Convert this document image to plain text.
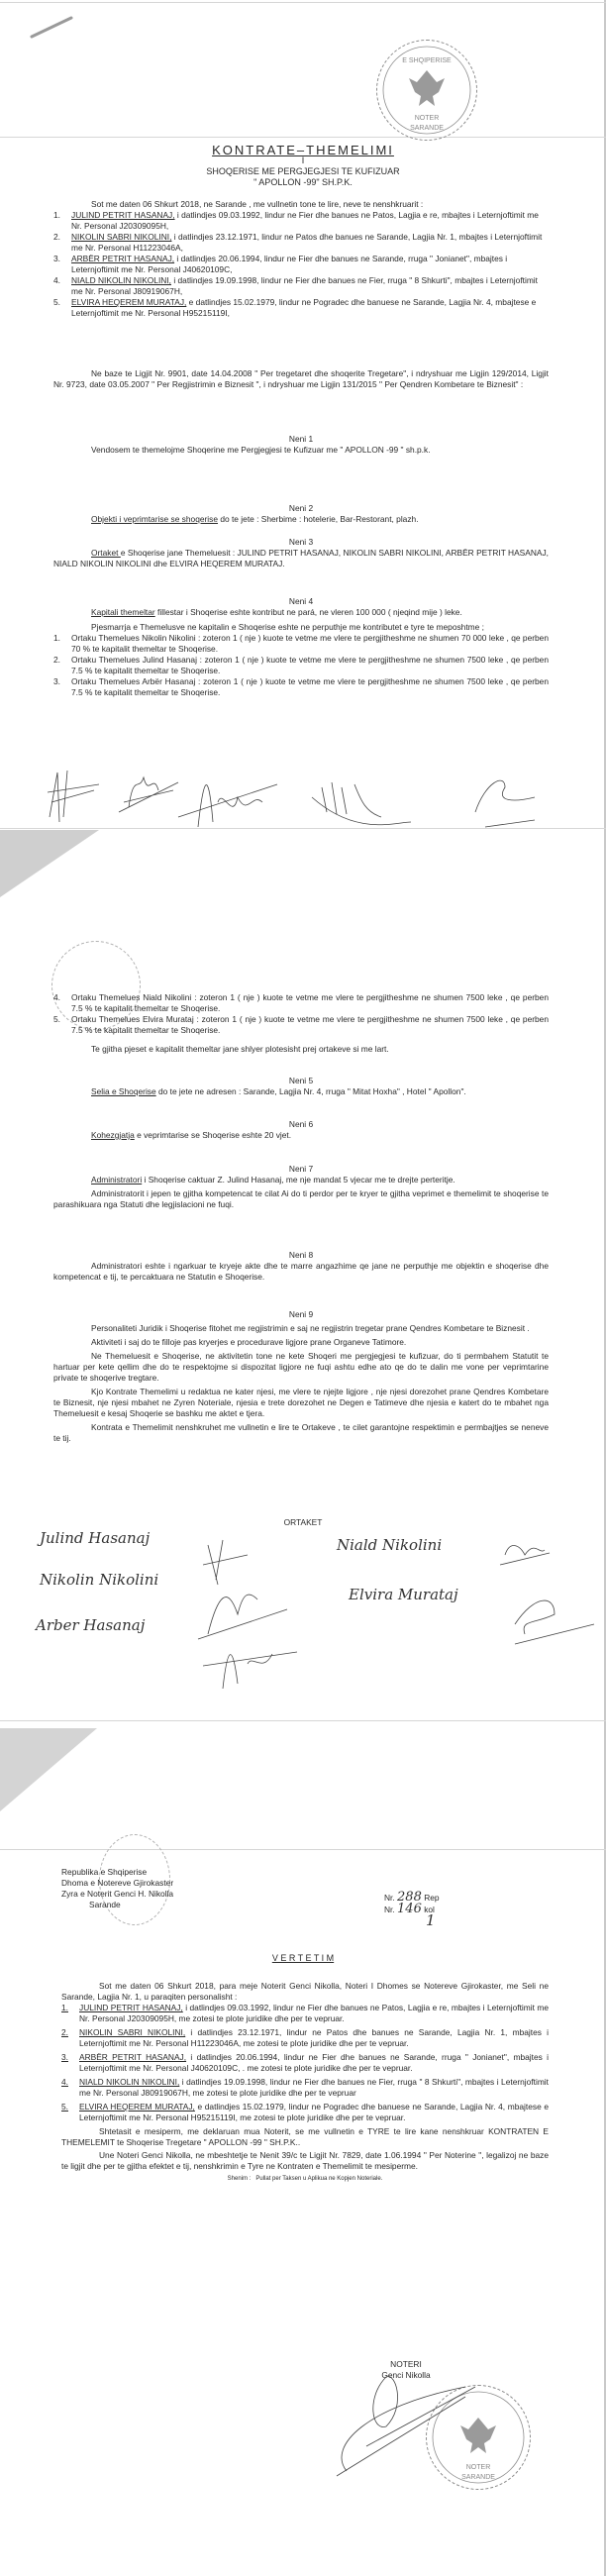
E SHQIPERISE
NOTER
SARANDE
KONTRATE–THEMELIMI
I
SHOQERISE ME PERGJEGJESI TE KUFIZUAR
" APOLLON -99" SH.P.K.
Sot me daten 06 Shkurt 2018, ne Sarande , me vullnetin tone te lire, neve te nenshkruarit :
1. JULIND PETRIT HASANAJ, i datlindjes 09.03.1992, lindur ne Fier dhe banues ne Patos, Lagjia e re, mbajtes i Leternjoftimit me Nr. Personal J20309095H,
2. NIKOLIN SABRI NIKOLINI, i datlindjes 23.12.1971, lindur ne Patos dhe banues ne Sarande, Lagjia Nr. 1, mbajtes i Leternjoftimit me Nr. Personal H11223046A,
3. ARBËR PETRIT HASANAJ, i datlindjes 20.06.1994, lindur ne Fier dhe banues ne Sarande, rruga " Jonianet", mbajtes i Leternjoftimit me Nr. Personal J40620109C,
4. NIALD NIKOLIN NIKOLINI, i datlindjes 19.09.1998, lindur ne Fier dhe banues ne Fier, rruga " 8 Shkurti", mbajtes i Leternjoftimit me Nr. Personal J80919067H,
5. ELVIRA HEQEREM MURATAJ, e datlindjes 15.02.1979, lindur ne Pogradec dhe banuese ne Sarande, Lagjia Nr. 4, mbajtese e Leternjoftimit me Nr. Personal H95215119I,
Ne baze te Ligjit Nr. 9901, date 14.04.2008 " Per tregetaret dhe shoqerite Tregetare", i ndryshuar me Ligjin 129/2014, Ligjit Nr. 9723, date 03.05.2007 " Per Regjistrimin e Biznesit ", i ndryshuar me Ligjin 131/2015 " Per Qendren Kombetare te Biznesit" :
Neni 1
Vendosem te themelojme Shoqerine me Pergjegjesi te Kufizuar me " APOLLON -99 " sh.p.k.
Neni 2
Objekti i veprimtarise se shoqerise do te jete : Sherbime : hotelerie, Bar-Restorant, plazh.
Neni 3
Ortaket e Shoqerise jane Themeluesit : JULIND PETRIT HASANAJ, NIKOLIN SABRI NIKOLINI, ARBËR PETRIT HASANAJ, NIALD NIKOLIN NIKOLINI dhe ELVIRA HEQEREM MURATAJ.
Neni 4
Kapitali themeltar fillestar i Shoqerise eshte kontribut ne pará, ne vleren 100 000 ( njeqind mije ) leke.
Pjesmarrja e Themelusve ne kapitalin e Shoqerise eshte ne perputhje me kontributet e tyre te meposhtme ;
1. Ortaku Themelues Nikolin Nikolini : zoteron 1 ( nje ) kuote te vetme me vlere te pergjitheshme ne shumen 70 000 leke , qe perben 70 % te kapitalit themeltar te Shoqerise.
2. Ortaku Themelues Julind Hasanaj : zoteron 1 ( nje ) kuote te vetme me vlere te pergjitheshme ne shumen 7500 leke , qe perben 7.5 % te kapitalit themeltar te Shoqerise.
3. Ortaku Themelues Arbër Hasanaj : zoteron 1 ( nje ) kuote te vetme me vlere te pergjitheshme ne shumen 7500 leke , qe perben 7.5 % te kapitalit themeltar te Shoqerise.
4. Ortaku Themelues Niald Nikolini : zoteron 1 ( nje ) kuote te vetme me vlere te pergjitheshme ne shumen 7500 leke , qe perben 7.5 % te kapitalit themeltar te Shoqerise.
5. Ortaku Themelues Elvira Murataj : zoteron 1 ( nje ) kuote te vetme me vlere te pergjitheshme ne shumen 7500 leke , qe perben 7.5 % te kapitalit themeltar te Shoqerise.
Te gjitha pjeset e kapitalit themeltar jane shlyer plotesisht prej ortakeve si me lart.
Neni 5
Selia e Shoqerise do te jete ne adresen : Sarande, Lagjia Nr. 4, rruga " Mitat Hoxha" , Hotel " Apollon".
Neni 6
Kohezgjatja e veprimtarise se Shoqerise eshte 20 vjet.
Neni 7
Administratori i Shoqerise caktuar Z. Julind Hasanaj, me nje mandat 5 vjecar me te drejte perteritje.
Administratorit i jepen te gjitha kompetencat te cilat Ai do ti perdor per te kryer te gjitha veprimet e themelimit te shoqerise te parashikuara nga Statuti dhe legjislacioni ne fuqi.
Neni 8
Administratori eshte i ngarkuar te kryeje akte dhe te marre angazhime qe jane ne perputhje me objektin e shoqerise dhe kompetencat e tij, te percaktuara ne Statutin e Shoqerise.
Neni 9
Personaliteti Juridik i Shoqerise fitohet me regjistrimin e saj ne regjistrin tregetar prane Qendres Kombetare te Biznesit .
Aktiviteti i saj do te filloje pas kryerjes e procedurave ligjore prane Organeve Tatimore.
Ne Themeluesit e Shoqerise, ne aktivitetin tone ne kete Shoqeri me pergjegjesi te kufizuar, do ti permbahem Statutit te hartuar per kete qellim dhe do te respektojme si dispozitat ligjore ne fuqi ashtu edhe ato qe do te dalin me vone per veprimtarine private te shoqerive tregtare.
Kjo Kontrate Themelimi u redaktua ne kater njesi, me vlere te njejte ligjore , nje njesi dorezohet prane Qendres Kombetare te Biznesit, nje njesi mbahet ne Zyren Noteriale, njesia e trete dorezohet ne Degen e Tatimeve dhe njesia e katert do te mbahet nga Themeluesit e kesaj Shoqerie se bashku me aktet e tjera.
Kontrata e Themelimit nenshkruhet me vullnetin e lire te Ortakeve , te cilet garantojne respektimin e permbajtjes se neneve te tij.
ORTAKET
Julind Hasanaj
Nikolin Nikolini
Arber Hasanaj
Niald Nikolini
Elvira Murataj
Republika e Shqiperise
Dhoma e Notereve Gjirokaster
Zyra e Noterit Genci H. Nikolla
Sarande
Nr. 288 Rep
Nr. 146 kol
1
V E R T E T I M
Sot me daten 06 Shkurt 2018, para meje Noterit Genci Nikolla, Noteri I Dhomes se Notereve Gjirokaster, me Seli ne Sarande, Lagjia Nr. 1, u paraqiten personalisht :
1. JULIND PETRIT HASANAJ, i datlindjes 09.03.1992, lindur ne Fier dhe banues ne Patos, Lagjia e re, mbajtes i Leternjoftimit me Nr. Personal J20309095H, me zotesi te plote juridike dhe per te vepruar.
2. NIKOLIN SABRI NIKOLINI, i datlindjes 23.12.1971, lindur ne Patos dhe banues ne Sarande, Lagjia Nr. 1, mbajtes i Leternjoftimit me Nr. Personal H11223046A, me zotesi te plote juridike dhe per te vepruar.
3. ARBËR PETRIT HASANAJ, i datlindjes 20.06.1994, lindur ne Fier dhe banues ne Sarande, rruga " Jonianet", mbajtes i Leternjoftimit me Nr. Personal J40620109C, . me zotesi te plote juridike dhe per te vepruar.
4. NIALD NIKOLIN NIKOLINI, i datlindjes 19.09.1998, lindur ne Fier dhe banues ne Fier, rruga " 8 Shkurti", mbajtes i Leternjoftimit me Nr. Personal J80919067H, me zotesi te plote juridike dhe per te vepruar
5. ELVIRA HEQEREM MURATAJ, e datlindjes 15.02.1979, lindur ne Pogradec dhe banuese ne Sarande, Lagjia Nr. 4, mbajtese e Leternjoftimit me Nr. Personal H95215119I, me zotesi te plote juridike dhe per te vepruar.
Shtetasit e mesiperm, me deklaruan mua Noterit, se me vullnetin e TYRE te lire kane nenshkruar KONTRATEN E THEMELEMIT te Shoqerise Tregetare " APOLLON -99 " SH.P.K..
Une Noteri Genci Nikolla, ne mbeshtetje te Nenit 39/c te Ligjit Nr. 7829, date 1.06.1994 " Per Noterine ", legalizoj ne baze te ligjit dhe per te gjitha efektet e tij, nenshkrimin e Tyre ne Kontraten e Themelimit te mesiperme.
Shenim : Pullat per Taksen u Aplikua ne Kopjen Noteriale.
NOTERI
Genci Nikolla
NOTER
SARANDE
